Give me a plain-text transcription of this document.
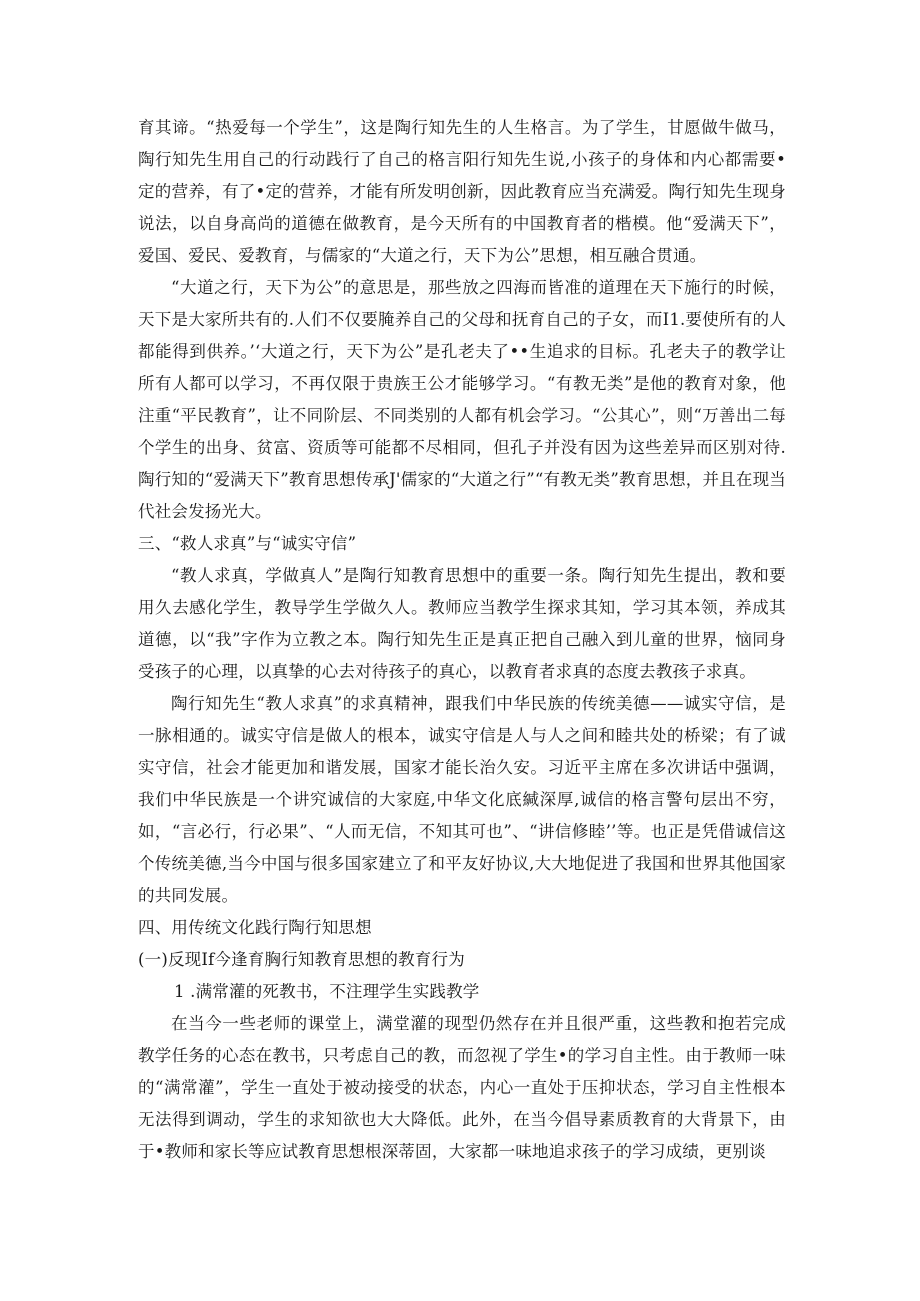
育其谛。“热爱每一个学生”，这是陶行知先生的人生格言。为了学生，甘愿做牛做马，陶行知先生用自己的行动践行了自己的格言阳行知先生说,小孩子的身体和内心都需要•定的营养，有了•定的营养，才能有所发明创新，因此教育应当充满爱。陶行知先生现身说法，以自身高尚的道德在做教育，是今天所有的中国教育者的楷模。他“爱满天下”，爱国、爱民、爱教育，与儒家的“大道之行，天下为公”思想，相互融合贯通。

“大道之行，天下为公”的意思是，那些放之四海而皆准的道理在天下施行的时候，天下是大家所共有的.人们不仅要腌养自己的父母和抚育自己的子女，而I1.要使所有的人都能得到供养。’‘大道之行，天下为公”是孔老夫了••生追求的目标。孔老夫子的教学让所有人都可以学习，不再仅限于贵族王公才能够学习。“有教无类”是他的教育对象，他注重“平民教育”，让不同阶层、不同类别的人都有机会学习。“公其心”，则“万善出二每个学生的出身、贫富、资质等可能都不尽相同，但孔子并没有因为这些差异而区别对待.陶行知的“爱满天下”教育思想传承J'儒家的“大道之行”“有教无类”教育思想，并且在现当代社会发扬光大。

三、“救人求真”与“诚实守信”

“教人求真，学做真人”是陶行知教育思想中的重要一条。陶行知先生提出，教和要用久去感化学生，教导学生学做久人。教师应当教学生探求其知，学习其本领，养成其道德，以“我”字作为立教之本。陶行知先生正是真正把自己融入到儿童的世界，恼同身受孩子的心理，以真挚的心去对待孩子的真心，以教育者求真的态度去教孩子求真。

陶行知先生“教人求真”的求真精神，跟我们中华民族的传统美德——诚实守信，是一脉相通的。诚实守信是做人的根本，诚实守信是人与人之间和睦共处的桥梁；有了诚实守信，社会才能更加和谐发展，国家才能长治久安。习近平主席在多次讲话中强调，我们中华民族是一个讲究诚信的大家庭,中华文化底緘深厚,诚信的格言警句层出不穷，如，“言必行，行必果”、“人而无信，不知其可也”、“讲信修睦’’等。也正是凭借诚信这个传统美德,当今中国与很多国家建立了和平友好协议,大大地促进了我国和世界其他国家的共同发展。

四、用传统文化践行陶行知思想

(一)反现If今逢育胸行知教育思想的教育行为

1 .满常灌的死教书，不注理学生实践教学

在当今一些老师的课堂上，满堂灌的现型仍然存在并且很严重，这些教和抱若完成教学任务的心态在教书，只考虑自己的教，而忽视了学生•的学习自主性。由于教师一味的“满常灌”，学生一直处于被动接受的状态，内心一直处于压抑状态，学习自主性根本无法得到调动，学生的求知欲也大大降低。此外，在当今倡导素质教育的大背景下，由于•教师和家长等应试教育思想根深蒂固，大家都一味地追求孩子的学习成绩，更别谈
